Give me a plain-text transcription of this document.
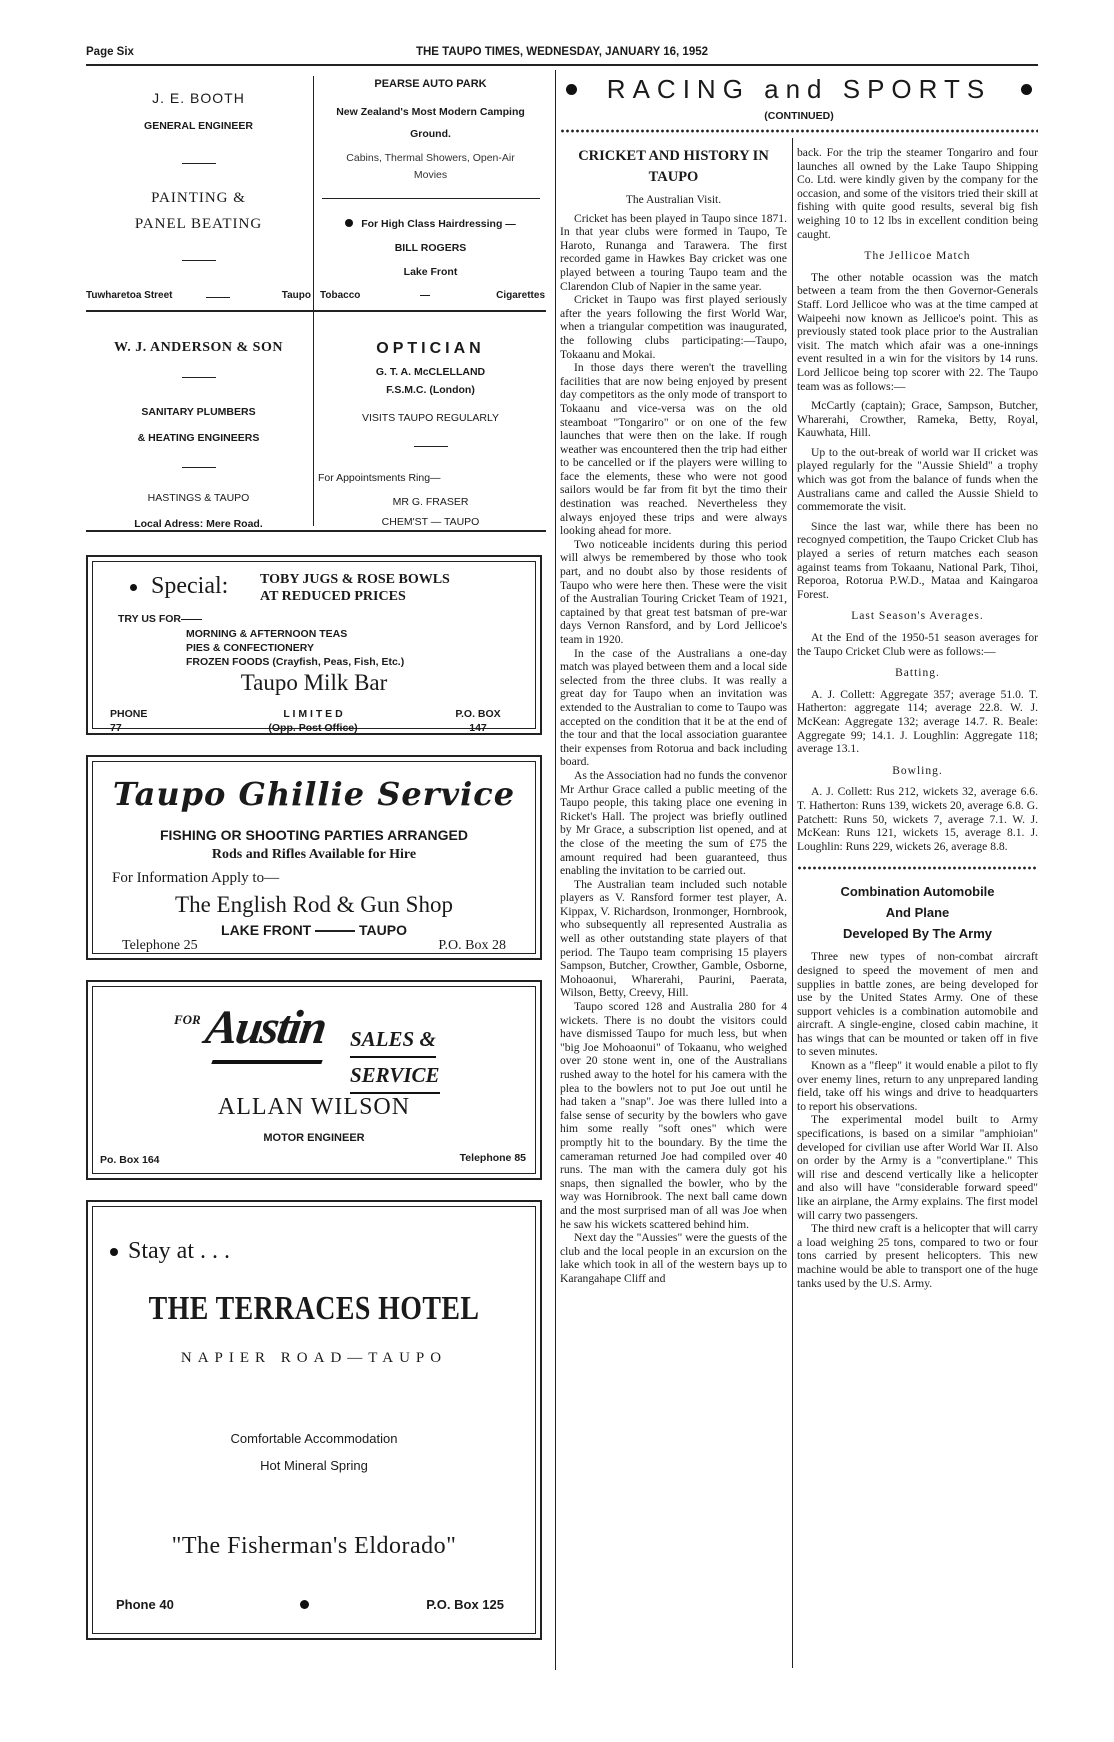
Page Six	THE TAUPO TIMES, WEDNESDAY, JANUARY 16, 1952
J. E. BOOTH
GENERAL ENGINEER
PAINTING &
PANEL BEATING
Tuwharetoa Street	Taupo
PEARSE AUTO PARK
New Zealand's Most Modern Camping
Ground.
Cabins, Thermal Showers, Open-Air
Movies
For High Class Hairdressing —
BILL ROGERS
Lake Front
Tobacco	—	Cigarettes
W. J. ANDERSON & SON
SANITARY PLUMBERS
& HEATING ENGINEERS
HASTINGS & TAUPO
Local Adress: Mere Road.
OPTICIAN
G. T. A. McCLELLAND
F.S.M.C. (London)
VISITS TAUPO REGULARLY
For Appointsments Ring—
MR G. FRASER
CHEM'ST — TAUPO
Special: TOBY JUGS & ROSE BOWLS
AT REDUCED PRICES
TRY US FOR——
MORNING & AFTERNOON TEAS
PIES & CONFECTIONERY
FROZEN FOODS (Crayfish, Peas, Fish, Etc.)
Taupo Milk Bar
PHONE
77
L I M I T E D
(Opp. Post Office)
P.O. BOX
147
Taupo Ghillie Service
FISHING OR SHOOTING PARTIES ARRANGED
Rods and Rifles Available for Hire
For Information Apply to—
The English Rod & Gun Shop
LAKE FRONT	TAUPO
Telephone 25	P.O. Box 28
FOR Austin SALES &
SERVICE
ALLAN WILSON
MOTOR ENGINEER
Po. Box 164	Telephone 85
Stay at . . .
THE TERRACES HOTEL
NAPIER ROAD—TAUPO
Comfortable Accommodation
Hot Mineral Spring
"The Fisherman's Eldorado"
Phone 40	P.O. Box 125
RACING and SPORTS
(CONTINUED)
CRICKET AND HISTORY IN TAUPO
The Australian Visit.

Cricket has been played in Taupo since 1871. In that year clubs were formed in Taupo, Te Haroto, Runanga and Tarawera. The first recorded game in Hawkes Bay cricket was one played between a touring Taupo team and the Clarendon Club of Napier in the same year.

Cricket in Taupo was first played seriously after the years following the first World War, when a triangular competition was inaugurated, the following clubs participating:—Taupo, Tokaanu and Mokai.

In those days there weren't the travelling facilities that are now being enjoyed by present day competitors as the only mode of transport to Tokaanu and vice-versa was on the old steamboat "Tongariro" or on one of the few launches that were then on the lake. If rough weather was encountered then the trip had either to be cancelled or if the players were willing to face the elements, these who were not good sailors would be far from fit byt the timo their destination was reached. Nevertheless they always enjoyed these trips and were always looking ahead for more.

Two noticeable incidents during this period will alwys be remembered by those who took part, and no doubt also by those residents of Taupo who were here then. These were the visit of the Australian Touring Cricket Team of 1921, captained by that great test batsman of pre-war days Vernon Ransford, and by Lord Jellicoe's team in 1920.

In the case of the Australians a one-day match was played between them and a local side selected from the three clubs. It was really a great day for Taupo when an invitation was extended to the Australian to come to Taupo was accepted on the condition that it be at the end of the tour and that the local association guarantee their expenses from Rotorua and back including board.

As the Association had no funds the convenor Mr Arthur Grace called a public meeting of the Taupo people, this taking place one evening in Ricket's Hall. The project was briefly outlined by Mr Grace, a subscription list opened, and at the close of the meeting the sum of £75 the amount required had been guaranteed, thus enabling the invitation to be carried out.

The Australian team included such notable players as V. Ransford former test player, A. Kippax, V. Richardson, Ironmonger, Hornbrook, who subsequently all represented Australia as well as other outstanding state players of that period. The Taupo team comprising 15 players Sampson, Butcher, Crowther, Gamble, Osborne, Mohoaonui, Wharerahi, Paurini, Paerata, Wilson, Betty, Creevy, Hill.

Taupo scored 128 and Australia 280 for 4 wickets. There is no doubt the visitors could have dismissed Taupo for much less, but when "big Joe Mohoaonui" of Tokaanu, who weighed over 20 stone went in, one of the Australians rushed away to the hotel for his camera with the plea to the bowlers not to put Joe out until he had taken a "snap". Joe was there lulled into a false sense of security by the bowlers who gave him some really "soft ones" which were promptly hit to the boundary. By the time the cameraman returned Joe had compiled over 40 runs. The man with the camera duly got his snaps, then signalled the bowler, who by the way was Hornibrook. The next ball came down and the most surprised man of all was Joe when he saw his wickets scattered behind him.

Next day the "Aussies" were the guests of the club and the local people in an excursion on the lake which took in all of the western bays up to Karangahape Cliff and

back. For the trip the steamer Tongariro and four launches all owned by the Lake Taupo Shipping Co. Ltd. were kindly given by the company for the occasion, and some of the visitors tried their skill at fishing with quite good results, several big fish weighing 10 to 12 lbs in excellent condition being caught.

The Jellicoe Match

The other notable ocassion was the match between a team from the then Governor-Generals Staff. Lord Jellicoe who was at the time camped at Waipeehi now known as Jellicoe's point. This as previously stated took place prior to the Australian visit. The match which afair was a one-innings event resulted in a win for the visitors by 14 runs. Lord Jellicoe being top scorer with 22. The Taupo team was as follows:—

McCartly (captain); Grace, Sampson, Butcher, Wharerahi, Crowther, Rameka, Betty, Royal, Kauwhata, Hill.

Up to the out-break of world war II cricket was played regularly for the "Aussie Shield" a trophy which was got from the balance of funds when the Australians came and called the Aussie Shield to commemorate the visit.

Since the last war, while there has been no recognyed competition, the Taupo Cricket Club has played a series of return matches each season against teams from Tokaanu, National Park, Tihoi, Reporoa, Rotorua P.W.D., Mataa and Kaingaroa Forest.

Last Season's Averages.

At the End of the 1950-51 season averages for the Taupo Cricket Club were as follows:—

Batting.

A. J. Collett: Aggregate 357; average 51.0. T. Hatherton: aggregate 114; average 22.8. W. J. McKean: Aggregate 132; average 14.7. R. Beale: Aggregate 99; 14.1. J. Loughlin: Aggregate 118; average 13.1.

Bowling.

A. J. Collett: Rus 212, wickets 32, average 6.6. T. Hatherton: Runs 139, wickets 20, average 6.8. G. Patchett: Runs 50, wickets 7, average 7.1. W. J. McKean: Runs 121, wickets 15, average 8.1. J. Loughlin: Runs 229, wickets 26, average 8.8.

Combination Automobile
And Plane
Developed By The Army

Three new types of non-combat aircraft designed to speed the movement of men and supplies in battle zones, are being developed for use by the United States Army. One of these support vehicles is a combination automobile and aircraft. A single-engine, closed cabin machine, it has wings that can be mounted or taken off in five to seven minutes.

Known as a "fleep" it would enable a pilot to fly over enemy lines, return to any unprepared landing field, take off his wings and drive to headquarters to report his observations.

The experimental model built to Army specifications, is based on a similar "amphioian" developed for civilian use after World War II. Also on order by the Army is a "convertiplane." This will rise and descend vertically like a helicopter and also will have "considerable forward speed" like an airplane, the Army explains. The first model will carry two passengers.

The third new craft is a helicopter that will carry a load weighing 25 tons, compared to two or four tons carried by present helicopters. This new machine would be able to transport one of the huge tanks used by the U.S. Army.
